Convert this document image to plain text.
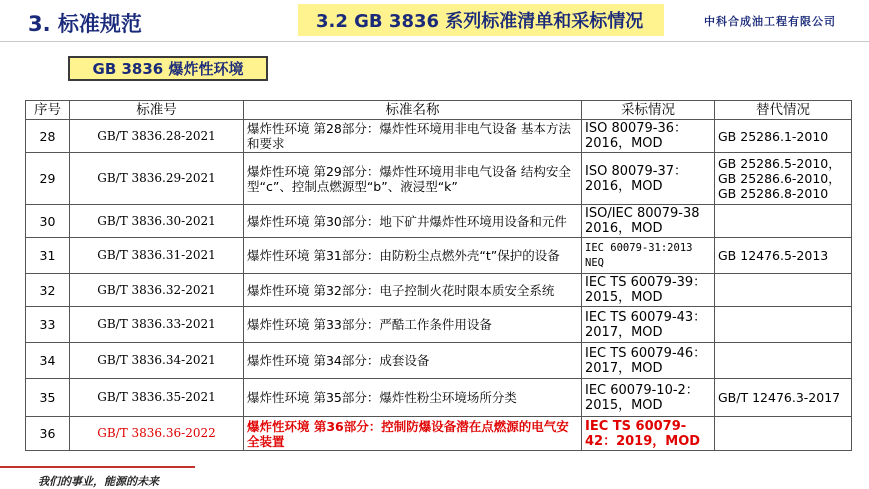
3. 标准规范	3.2 GB 3836 系列标准清单和采标情况	中科合成油工程有限公司
GB 3836 爆炸性环境
序号	标准号	标准名称	采标情况	替代情况
28	GB/T 3836.28-2021	爆炸性环境 第28部分：爆炸性环境用非电气设备 基本方法和要求	ISO 80079-36：2016，MOD	GB 25286.1-2010
29	GB/T 3836.29-2021	爆炸性环境 第29部分：爆炸性环境用非电气设备 结构安全型“c”、控制点燃源型“b”、液浸型“k”	ISO 80079-37：2016，MOD	GB 25286.5-2010，GB 25286.6-2010，GB 25286.8-2010
30	GB/T 3836.30-2021	爆炸性环境 第30部分：地下矿井爆炸性环境用设备和元件	ISO/IEC 80079-38 2016，MOD	
31	GB/T 3836.31-2021	爆炸性环境 第31部分：由防粉尘点燃外壳“t”保护的设备	IEC 60079-31:2013 NEQ	GB 12476.5-2013
32	GB/T 3836.32-2021	爆炸性环境 第32部分：电子控制火花时限本质安全系统	IEC TS 60079-39：2015，MOD	
33	GB/T 3836.33-2021	爆炸性环境 第33部分：严酷工作条件用设备	IEC TS 60079-43：2017，MOD	
34	GB/T 3836.34-2021	爆炸性环境 第34部分：成套设备	IEC TS 60079-46：2017，MOD	
35	GB/T 3836.35-2021	爆炸性环境 第35部分：爆炸性粉尘环境场所分类	IEC 60079-10-2：2015，MOD	GB/T 12476.3-2017
36	GB/T 3836.36-2022	爆炸性环境 第36部分：控制防爆设备潜在点燃源的电气安全装置	IEC TS 60079-42：2019，MOD	
我们的事业，能源的未来
